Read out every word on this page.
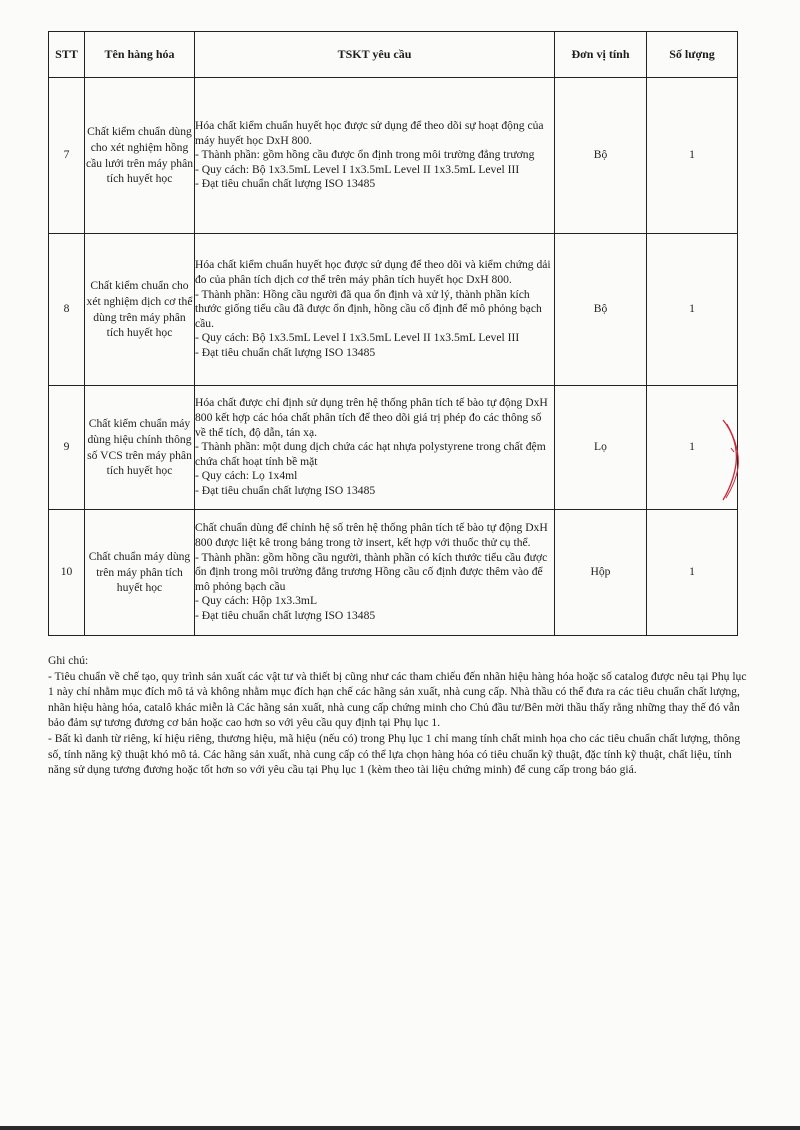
STT	Tên hàng hóa	TSKT yêu cầu	Đơn vị tính	Số lượng
7	Chất kiểm chuẩn dùng cho xét nghiệm hồng cầu lưới trên máy phân tích huyết học	Hóa chất kiểm chuẩn huyết học được sử dụng để theo dõi sự hoạt động của máy huyết học DxH 800.
- Thành phần: gồm hồng cầu được ổn định trong môi trường đẳng trương
- Quy cách: Bộ 1x3.5mL Level I 1x3.5mL Level II 1x3.5mL Level III
- Đạt tiêu chuẩn chất lượng ISO 13485	Bộ	1
8	Chất kiểm chuẩn cho xét nghiệm dịch cơ thể dùng trên máy phân tích huyết học	Hóa chất kiểm chuẩn huyết học được sử dụng để theo dõi và kiểm chứng dải đo của phân tích dịch cơ thể trên máy phân tích huyết học DxH 800.
- Thành phần: Hồng cầu người đã qua ổn định và xử lý, thành phần kích thước giống tiểu cầu đã được ổn định, hồng cầu cố định để mô phỏng bạch cầu.
- Quy cách: Bộ 1x3.5mL Level I 1x3.5mL Level II 1x3.5mL Level III
- Đạt tiêu chuẩn chất lượng ISO 13485	Bộ	1
9	Chất kiểm chuẩn máy dùng hiệu chính thông số VCS trên máy phân tích huyết học	Hóa chất được chỉ định sử dụng trên hệ thống phân tích tế bào tự động DxH 800 kết hợp các hóa chất phân tích để theo dõi giá trị phép đo các thông số về thể tích, độ dẫn, tán xạ.
- Thành phần: một dung dịch chứa các hạt nhựa polystyrene trong chất đệm chứa chất hoạt tính bề mặt
- Quy cách: Lọ 1x4ml
- Đạt tiêu chuẩn chất lượng ISO 13485	Lọ	1
10	Chất chuẩn máy dùng trên máy phân tích huyết học	Chất chuẩn dùng để chỉnh hệ số trên hệ thống phân tích tế bào tự động DxH 800 được liệt kê trong bảng trong tờ insert, kết hợp với thuốc thử cụ thể.
- Thành phần: gồm hồng cầu người, thành phần có kích thước tiểu cầu được ổn định trong môi trường đẳng trương Hồng cầu cố định được thêm vào để mô phỏng bạch cầu
- Quy cách: Hộp 1x3.3mL
- Đạt tiêu chuẩn chất lượng ISO 13485	Hộp	1

Ghi chú:

- Tiêu chuẩn về chế tạo, quy trình sản xuất các vật tư và thiết bị cũng như các tham chiếu đến nhãn hiệu hàng hóa hoặc số catalog được nêu tại Phụ lục 1 này chỉ nhằm mục đích mô tả và không nhằm mục đích hạn chế các hãng sản xuất, nhà cung cấp. Nhà thầu có thể đưa ra các tiêu chuẩn chất lượng, nhãn hiệu hàng hóa, catalô khác miễn là Các hãng sản xuất, nhà cung cấp chứng minh cho Chủ đầu tư/Bên mời thầu thấy rằng những thay thế đó vẫn bảo đảm sự tương đương cơ bản hoặc cao hơn so với yêu cầu quy định tại Phụ lục 1.

- Bất kì danh từ riêng, kí hiệu riêng, thương hiệu, mã hiệu (nếu có) trong Phụ lục 1 chỉ mang tính chất minh họa cho các tiêu chuẩn chất lượng, thông số, tính năng kỹ thuật khó mô tả. Các hãng sản xuất, nhà cung cấp có thể lựa chọn hàng hóa có tiêu chuẩn kỹ thuật, đặc tính kỹ thuật, chất liệu, tính năng sử dụng tương đương hoặc tốt hơn so với yêu cầu tại Phụ lục 1 (kèm theo tài liệu chứng minh) để cung cấp trong báo giá.
